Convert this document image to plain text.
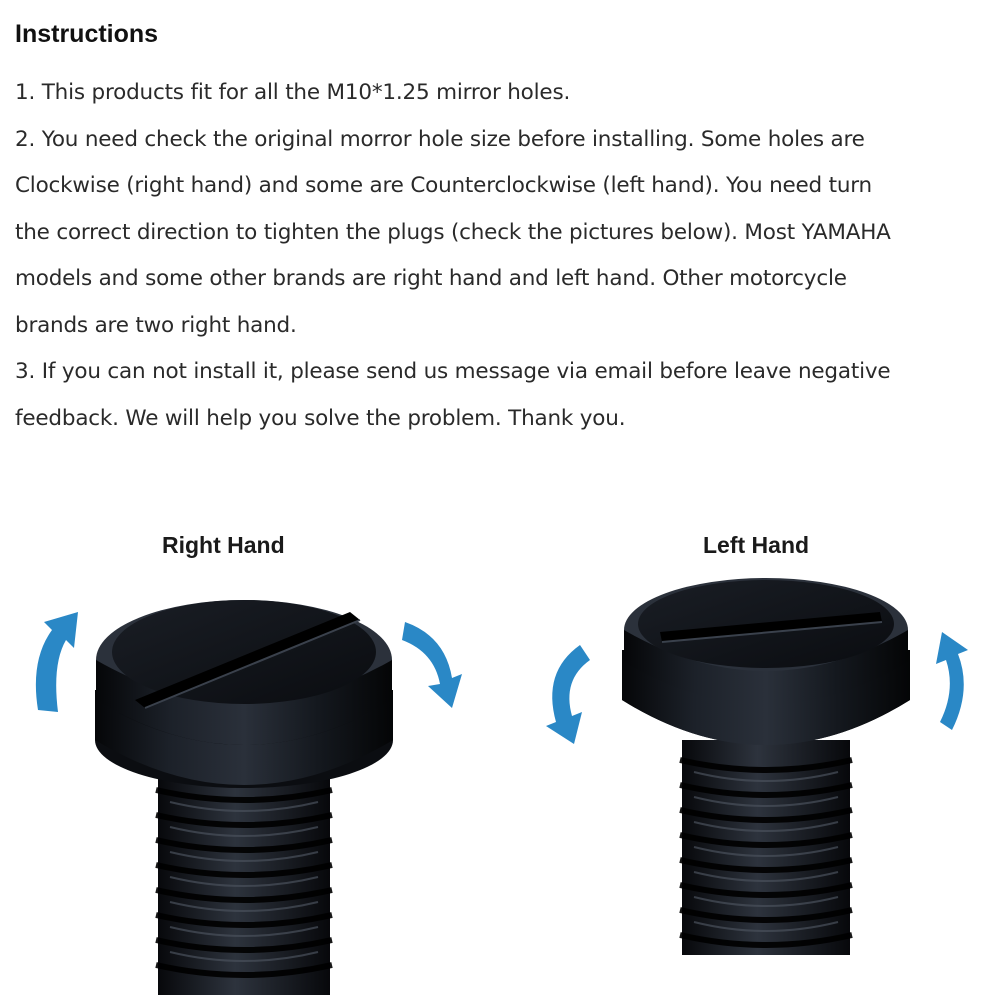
Instructions
1. This products fit for all the M10*1.25 mirror holes.
2. You need check the original morror hole size before installing. Some holes are
Clockwise (right hand) and some are Counterclockwise (left hand). You need turn
the correct direction to tighten the plugs (check the pictures below). Most YAMAHA
models and some other brands are right hand and left hand. Other motorcycle
brands are two right hand.
3. If you can not install it, please send us message via email before leave negative
feedback. We will help you solve the problem. Thank you.
Right Hand	Left Hand
